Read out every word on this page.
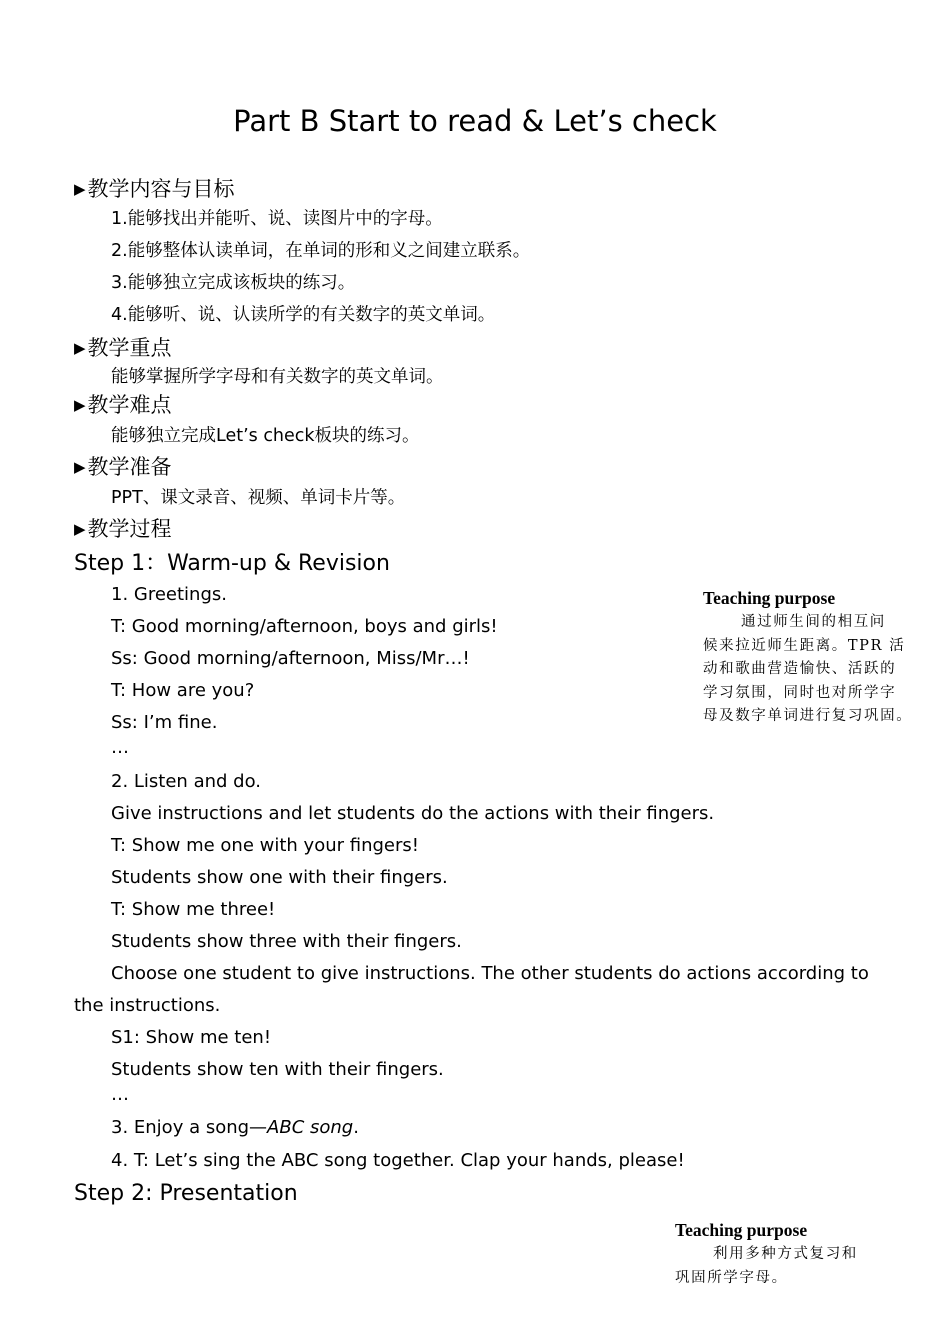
Part B Start to read & Let’s check
▶教学内容与目标
1.能够找出并能听、说、读图片中的字母。
2.能够整体认读单词，在单词的形和义之间建立联系。
3.能够独立完成该板块的练习。
4.能够听、说、认读所学的有关数字的英文单词。
▶教学重点
能够掌握所学字母和有关数字的英文单词。
▶教学难点
能够独立完成Let’s check板块的练习。
▶教学准备
PPT、课文录音、视频、单词卡片等。
▶教学过程
Step 1：Warm-up & Revision
1. Greetings.
T: Good morning/afternoon, boys and girls!
Ss: Good morning/afternoon, Miss/Mr…!
T: How are you?
Ss: I’m fine.
…
2. Listen and do.
Give instructions and let students do the actions with their fingers.
T: Show me one with your fingers!
Students show one with their fingers.
T: Show me three!
Students show three with their fingers.
Choose one student to give instructions. The other students do actions according to
the instructions.
S1: Show me ten!
Students show ten with their fingers.
…
3. Enjoy a song—ABC song.
4. T: Let’s sing the ABC song together. Clap your hands, please!
Step 2: Presentation
Teaching purpose
通过师生间的相互问
候来拉近师生距离。TPR 活
动和歌曲营造愉快、活跃的
学习氛围，同时也对所学字
母及数字单词进行复习巩固。
Teaching purpose
利用多种方式复习和
巩固所学字母。
